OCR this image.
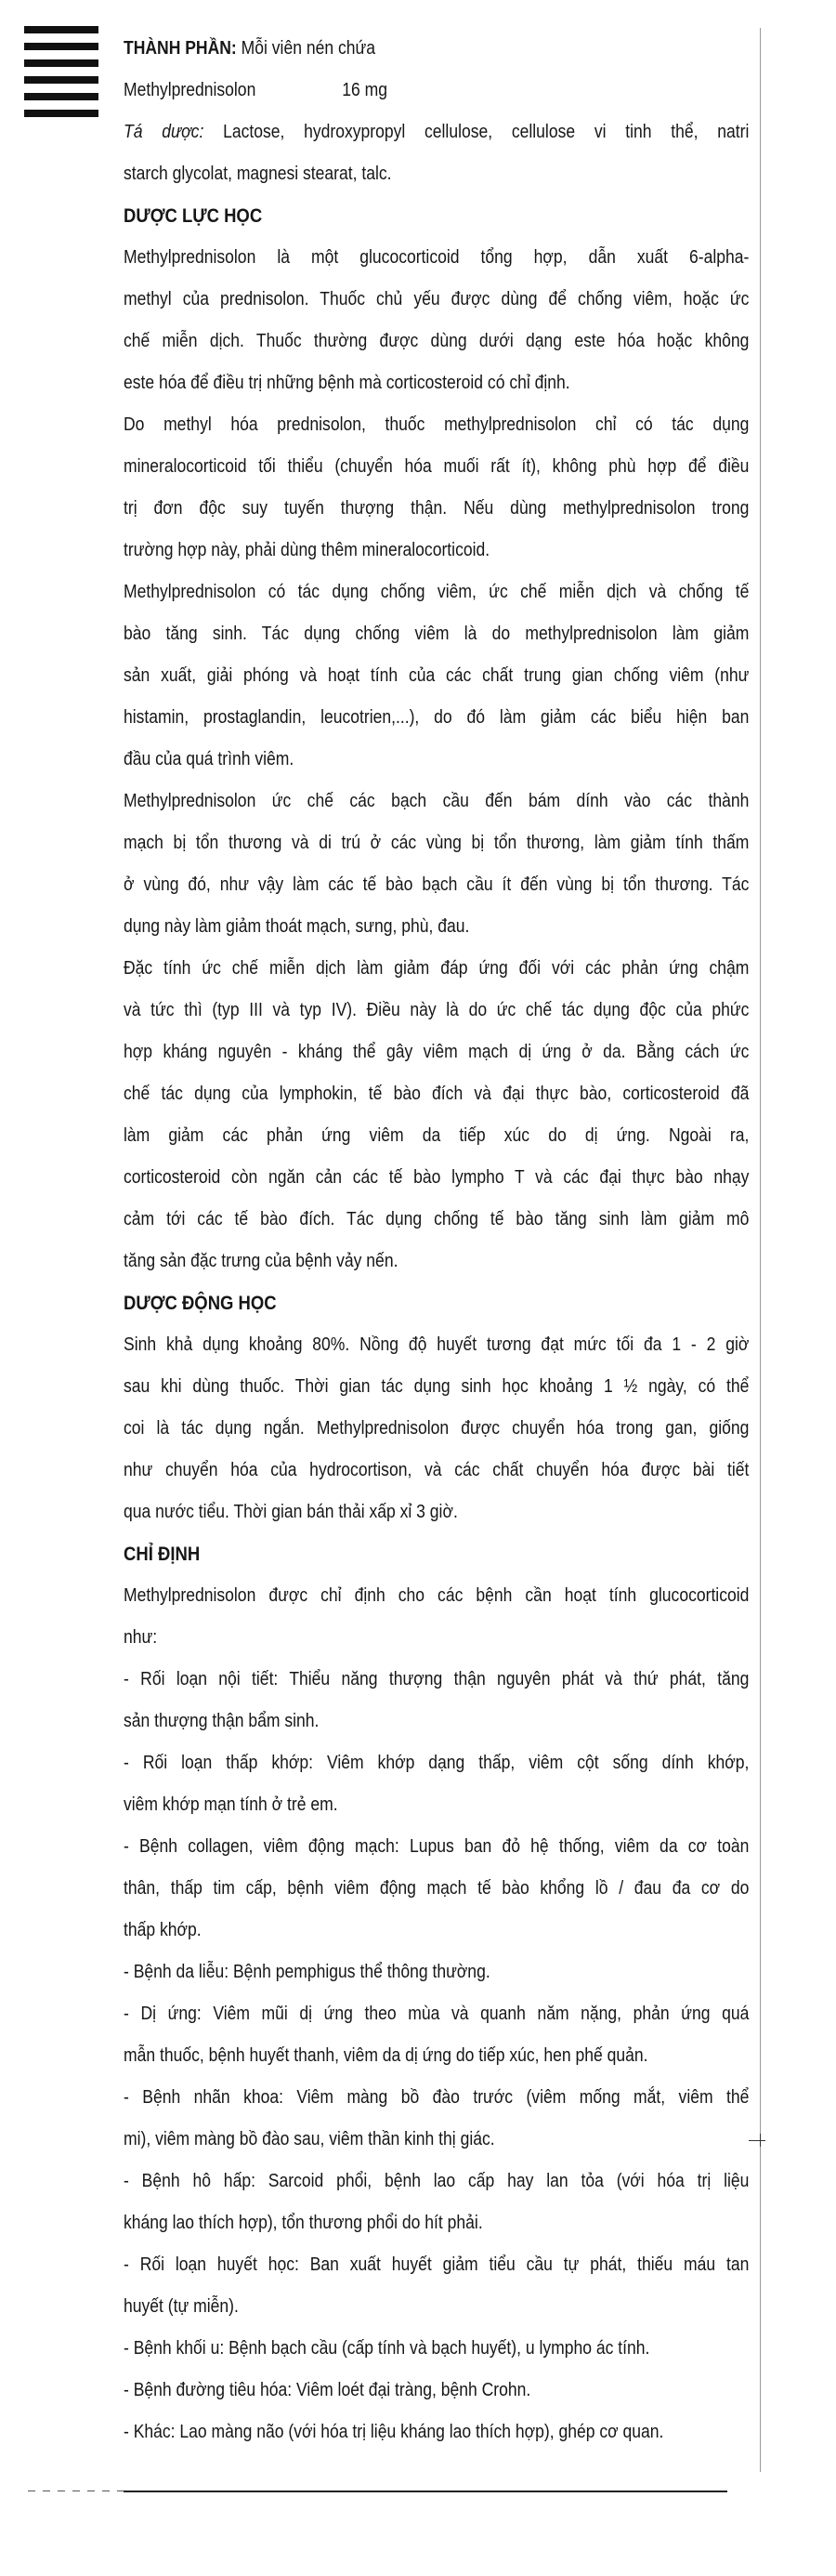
THÀNH PHẦN: Mỗi viên nén chứa
Methylprednisolon	16 mg
Tá dược: Lactose, hydroxypropyl cellulose, cellulose vi tinh thể, natri
starch glycolat, magnesi stearat, talc.
DƯỢC LỰC HỌC
Methylprednisolon là một glucocorticoid tổng hợp, dẫn xuất 6-alpha-
methyl của prednisolon. Thuốc chủ yếu được dùng để chống viêm, hoặc ức
chế miễn dịch. Thuốc thường được dùng dưới dạng este hóa hoặc không
este hóa để điều trị những bệnh mà corticosteroid có chỉ định.
Do methyl hóa prednisolon, thuốc methylprednisolon chỉ có tác dụng
mineralocorticoid tối thiểu (chuyển hóa muối rất ít), không phù hợp để điều
trị đơn độc suy tuyến thượng thận. Nếu dùng methylprednisolon trong
trường hợp này, phải dùng thêm mineralocorticoid.
Methylprednisolon có tác dụng chống viêm, ức chế miễn dịch và chống tế
bào tăng sinh. Tác dụng chống viêm là do methylprednisolon làm giảm
sản xuất, giải phóng và hoạt tính của các chất trung gian chống viêm (như
histamin, prostaglandin, leucotrien,...), do đó làm giảm các biểu hiện ban
đầu của quá trình viêm.
Methylprednisolon ức chế các bạch cầu đến bám dính vào các thành
mạch bị tổn thương và di trú ở các vùng bị tổn thương, làm giảm tính thấm
ở vùng đó, như vậy làm các tế bào bạch cầu ít đến vùng bị tổn thương. Tác
dụng này làm giảm thoát mạch, sưng, phù, đau.
Đặc tính ức chế miễn dịch làm giảm đáp ứng đối với các phản ứng chậm
và tức thì (typ III và typ IV). Điều này là do ức chế tác dụng độc của phức
hợp kháng nguyên - kháng thể gây viêm mạch dị ứng ở da. Bằng cách ức
chế tác dụng của lymphokin, tế bào đích và đại thực bào, corticosteroid đã
làm giảm các phản ứng viêm da tiếp xúc do dị ứng. Ngoài ra,
corticosteroid còn ngăn cản các tế bào lympho T và các đại thực bào nhạy
cảm tới các tế bào đích. Tác dụng chống tế bào tăng sinh làm giảm mô
tăng sản đặc trưng của bệnh vảy nến.
DƯỢC ĐỘNG HỌC
Sinh khả dụng khoảng 80%. Nồng độ huyết tương đạt mức tối đa 1 - 2 giờ
sau khi dùng thuốc. Thời gian tác dụng sinh học khoảng 1 ½ ngày, có thể
coi là tác dụng ngắn. Methylprednisolon được chuyển hóa trong gan, giống
như chuyển hóa của hydrocortison, và các chất chuyển hóa được bài tiết
qua nước tiểu. Thời gian bán thải xấp xỉ 3 giờ.
CHỈ ĐỊNH
Methylprednisolon được chỉ định cho các bệnh cần hoạt tính glucocorticoid
như:
- Rối loạn nội tiết: Thiểu năng thượng thận nguyên phát và thứ phát, tăng
sản thượng thận bẩm sinh.
- Rối loạn thấp khớp: Viêm khớp dạng thấp, viêm cột sống dính khớp,
viêm khớp mạn tính ở trẻ em.
- Bệnh collagen, viêm động mạch: Lupus ban đỏ hệ thống, viêm da cơ toàn
thân, thấp tim cấp, bệnh viêm động mạch tế bào khổng lồ / đau đa cơ do
thấp khớp.
- Bệnh da liễu: Bệnh pemphigus thể thông thường.
- Dị ứng: Viêm mũi dị ứng theo mùa và quanh năm nặng, phản ứng quá
mẫn thuốc, bệnh huyết thanh, viêm da dị ứng do tiếp xúc, hen phế quản.
- Bệnh nhãn khoa: Viêm màng bồ đào trước (viêm mống mắt, viêm thể
mi), viêm màng bồ đào sau, viêm thần kinh thị giác.
- Bệnh hô hấp: Sarcoid phổi, bệnh lao cấp hay lan tỏa (với hóa trị liệu
kháng lao thích hợp), tổn thương phổi do hít phải.
- Rối loạn huyết học: Ban xuất huyết giảm tiểu cầu tự phát, thiếu máu tan
huyết (tự miễn).
- Bệnh khối u: Bệnh bạch cầu (cấp tính và bạch huyết), u lympho ác tính.
- Bệnh đường tiêu hóa: Viêm loét đại tràng, bệnh Crohn.
- Khác: Lao màng não (với hóa trị liệu kháng lao thích hợp), ghép cơ quan.
